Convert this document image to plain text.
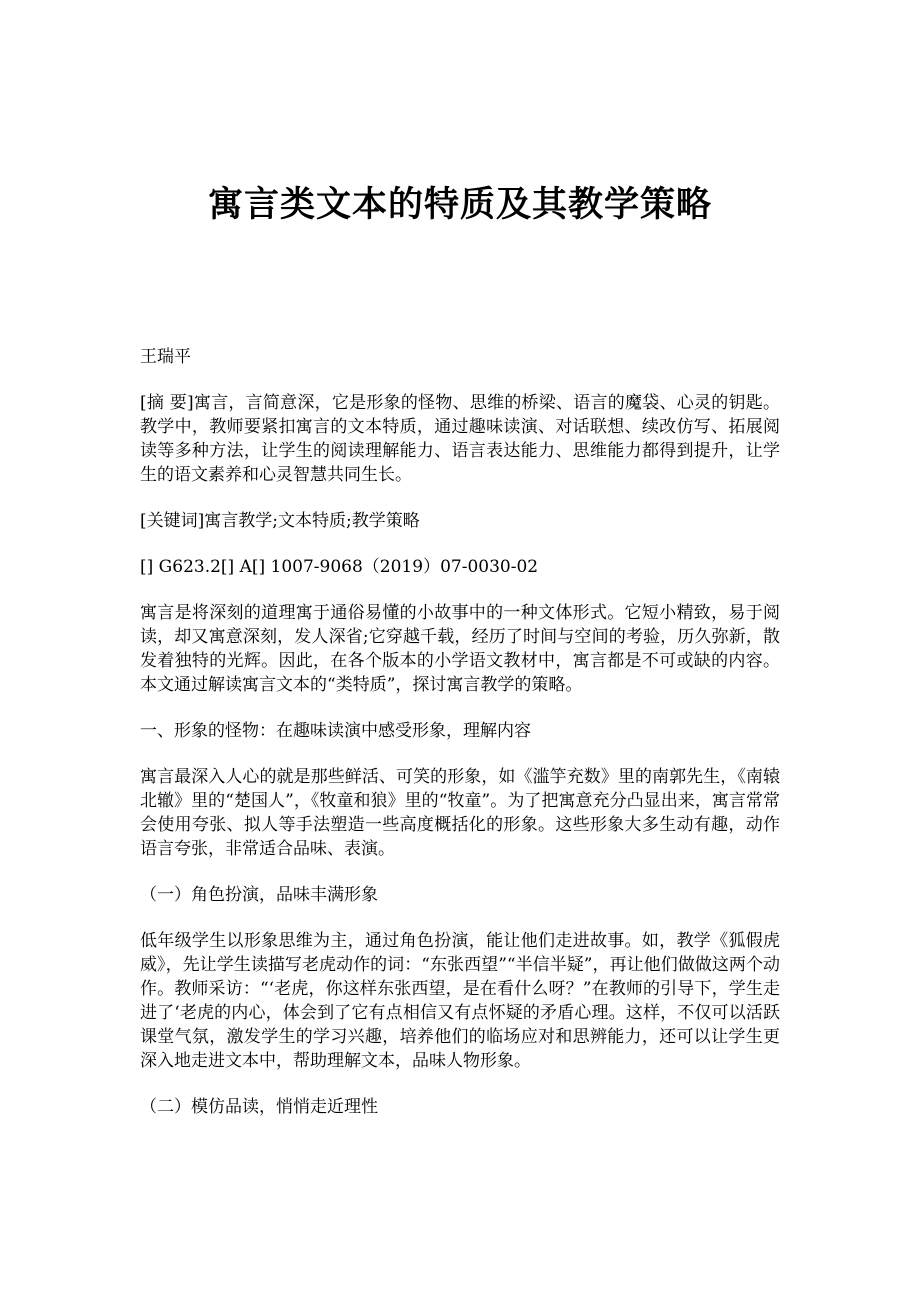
寓言类文本的特质及其教学策略

王瑞平

[摘 要]寓言，言简意深，它是形象的怪物、思维的桥梁、语言的魔袋、心灵的钥匙。教学中，教师要紧扣寓言的文本特质，通过趣味读演、对话联想、续改仿写、拓展阅读等多种方法，让学生的阅读理解能力、语言表达能力、思维能力都得到提升，让学生的语文素养和心灵智慧共同生长。

[关键词]寓言教学;文本特质;教学策略

[] G623.2[] A[] 1007-9068（2019）07-0030-02

寓言是将深刻的道理寓于通俗易懂的小故事中的一种文体形式。它短小精致，易于阅读，却又寓意深刻，发人深省;它穿越千载，经历了时间与空间的考验，历久弥新，散发着独特的光辉。因此，在各个版本的小学语文教材中，寓言都是不可或缺的内容。本文通过解读寓言文本的“类特质”，探讨寓言教学的策略。

一、形象的怪物：在趣味读演中感受形象，理解内容

寓言最深入人心的就是那些鲜活、可笑的形象，如《滥竽充数》里的南郭先生，《南辕北辙》里的“楚国人”，《牧童和狼》里的“牧童”。为了把寓意充分凸显出来，寓言常常会使用夸张、拟人等手法塑造一些高度概括化的形象。这些形象大多生动有趣，动作语言夸张，非常适合品味、表演。

（一）角色扮演，品味丰满形象

低年级学生以形象思维为主，通过角色扮演，能让他们走进故事。如，教学《狐假虎威》，先让学生读描写老虎动作的词：“东张西望”“半信半疑”，再让他们做做这两个动作。教师采访：“‘老虎，你这样东张西望，是在看什么呀？”在教师的引导下，学生走进了‘老虎的内心，体会到了它有点相信又有点怀疑的矛盾心理。这样，不仅可以活跃课堂气氛，激发学生的学习兴趣，培养他们的临场应对和思辨能力，还可以让学生更深入地走进文本中，帮助理解文本，品味人物形象。

（二）模仿品读，悄悄走近理性
